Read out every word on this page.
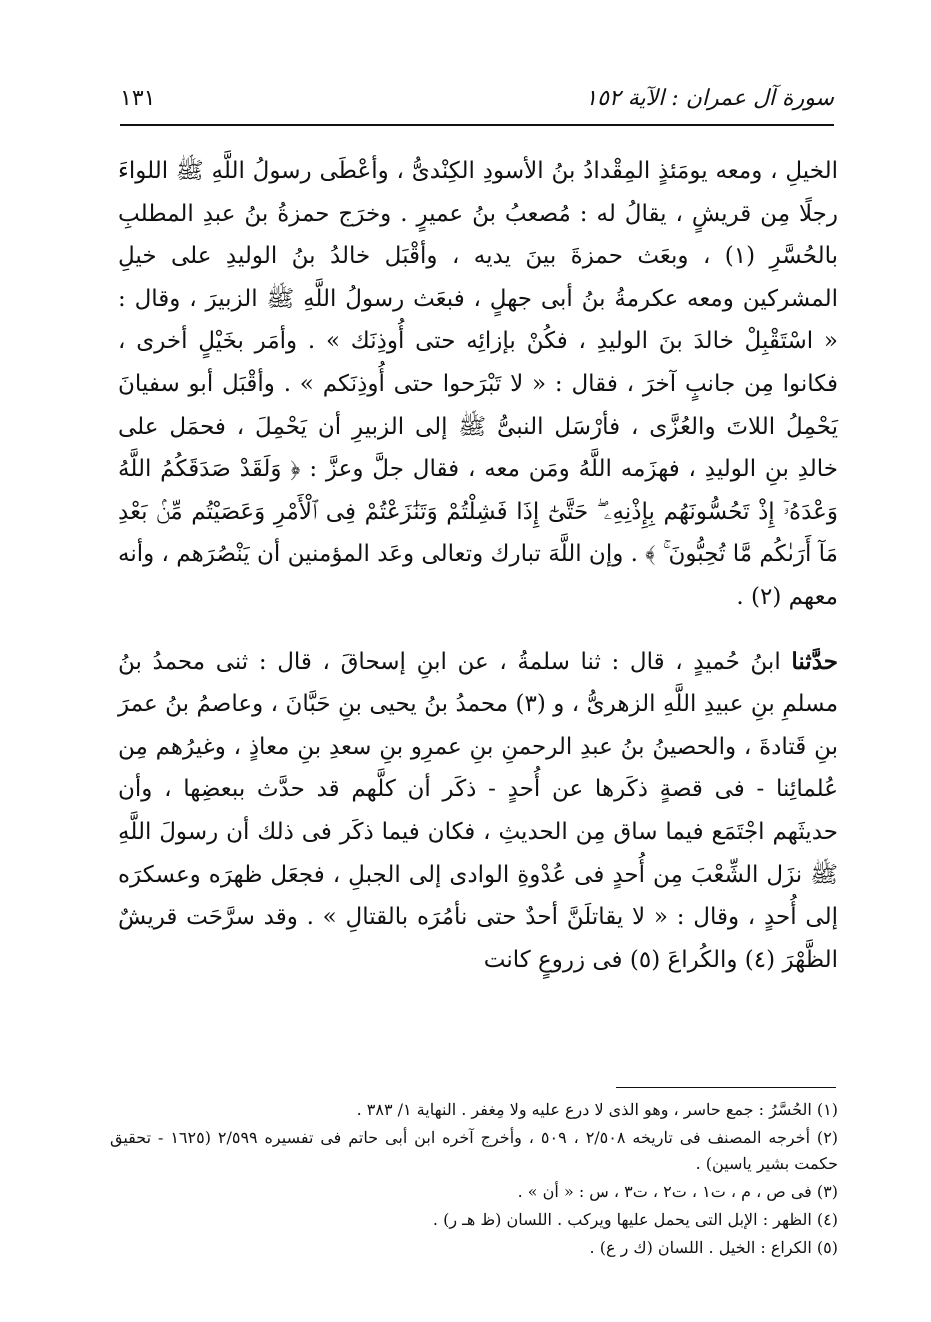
١٣١	سورة آل عمران : الآية ١٥٢

الخيلِ ، ومعه يومَئذٍ المِقْدادُ بنُ الأسودِ الكِنْدىُّ ، وأعْطَى رسولُ اللَّهِ ﷺ اللواءَ رجلًا مِن قريشٍ ، يقالُ له : مُصعبُ بنُ عميرٍ . وخرَج حمزةُ بنُ عبدِ المطلبِ بالحُسَّرِ (١) ، وبعَث حمزةَ بينَ يديه ، وأقْبَل خالدُ بنُ الوليدِ على خيلِ المشركين ومعه عكرمةُ بنُ أبى جهلٍ ، فبعَث رسولُ اللَّهِ ﷺ الزبيرَ ، وقال : « اسْتَقْبِلْ خالدَ بنَ الوليدِ ، فكُنْ بإزائِه حتى أُوذِنَك » . وأمَر بخَيْلٍ أخرى ، فكانوا مِن جانبٍ آخرَ ، فقال : « لا تَبْرَحوا حتى أُوذِنَكم » . وأقْبَل أبو سفيانَ يَحْمِلُ اللاتَ والعُزَّى ، فأرْسَل النبىُّ ﷺ إلى الزبيرِ أن يَحْمِلَ ، فحمَل على خالدِ بنِ الوليدِ ، فهزَمه اللَّهُ ومَن معه ، فقال جلَّ وعزَّ : ﴿ وَلَقَدْ صَدَقَكُمُ اللَّهُ وَعْدَهُۥٓ إِذْ تَحُسُّونَهُم بِإِذْنِهِۦ ۖ حَتَّىٰٓ إِذَا فَشِلْتُمْ وَتَنَٰزَعْتُمْ فِى ٱلْأَمْرِ وَعَصَيْتُم مِّنۢ بَعْدِ مَآ أَرَىٰكُم مَّا تُحِبُّونَ ۚ ﴾ . وإن اللَّهَ تبارك وتعالى وعَد المؤمنين أن يَنْصُرَهم ، وأنه معهم (٢) .

حدَّثنا ابنُ حُميدٍ ، قال : ثنا سلمةُ ، عن ابنِ إسحاقَ ، قال : ثنى محمدُ بنُ مسلمِ بنِ عبيدِ اللَّهِ الزهرىُّ ، و (٣) محمدُ بنُ يحيى بنِ حَبَّانَ ، وعاصمُ بنُ عمرَ بنِ قَتادةَ ، والحصينُ بنُ عبدِ الرحمنِ بنِ عمرِو بنِ سعدِ بنِ معاذٍ ، وغيرُهم مِن عُلمائِنا - فى قصةٍ ذكَرها عن أُحدٍ - ذكَر أن كلَّهم قد حدَّث ببعضِها ، وأن حديثَهم اجْتَمَع فيما ساق مِن الحديثِ ، فكان فيما ذكَر فى ذلك أن رسولَ اللَّهِ ﷺ نزَل الشِّعْبَ مِن أُحدٍ فى عُدْوةِ الوادى إلى الجبلِ ، فجعَل ظهرَه وعسكرَه إلى أُحدٍ ، وقال : « لا يقاتلَنَّ أحدٌ حتى نأمُرَه بالقتالِ » . وقد سرَّحَت قريشٌ الظَّهْرَ (٤) والكُراعَ (٥) فى زروعٍ كانت

(١) الحُسَّرُ : جمع حاسر ، وهو الذى لا درع عليه ولا مِغفر . النهاية ١/ ٣٨٣ .
(٢) أخرجه المصنف فى تاريخه ٢/٥٠٨ ، ٥٠٩ ، وأخرج آخره ابن أبى حاتم فى تفسيره ٢/٥٩٩ (١٦٢٥ - تحقيق حكمت بشير ياسين) .
(٣) فى ص ، م ، ت١ ، ت٢ ، ت٣ ، س : « أن » .
(٤) الظهر : الإبل التى يحمل عليها ويركب . اللسان (ظ هـ ر) .
(٥) الكراع : الخيل . اللسان (ك ر ع) .
